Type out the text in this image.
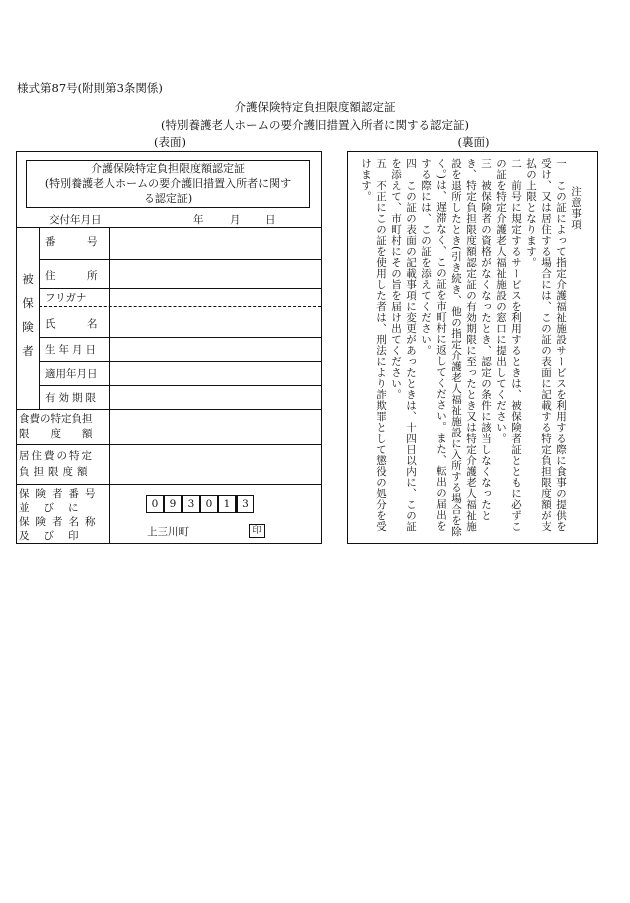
様式第87号(附則第3条関係)
介護保険特定負担限度額認定証
(特別養護老人ホームの要介護旧措置入所者に関する認定証)
(表面)	(裏面)
介護保険特定負担限度額認定証
(特別養護老人ホームの要介護旧措置入所者に関す
る認定証)
交付年月日	年	月 日
被
保
険
者
番　　　号
住　　　所
フリガナ
氏　　　名
生年月日
適用年月日
有効期限
食費の特定負担
限　　度　　額
居住費の特定
負担限度額
保険者番号
並びに
保険者名称
及び印
0	9	3	0	1	3
上三川町	印

注意事項

一　この証によって指定介護福祉施設サービスを利用する際に食事の提供を受け、又は居住する場合には、この証の表面に記載する特定負担限度額が支払の上限となります。

二　前号に規定するサービスを利用するときは、被保険者証とともに必ずこの証を特定介護老人福祉施設の窓口に提出してください。

三　被保険者の資格がなくなったとき、認定の条件に該当しなくなったとき、特定負担限度額認定証の有効期限に至ったとき又は特定介護老人福祉施設を退所したとき(引き続き、他の指定介護老人福祉施設に入所する場合を除く。)は、遅滞なく、この証を市町村に返してください。また、転出の届出をする際には、この証を添えてください。

四　この証の表面の記載事項に変更があったときは、十四日以内に、この証を添えて、市町村にその旨を届け出てください。

五　不正にこの証を使用した者は、刑法により詐欺罪として懲役の処分を受けます。
